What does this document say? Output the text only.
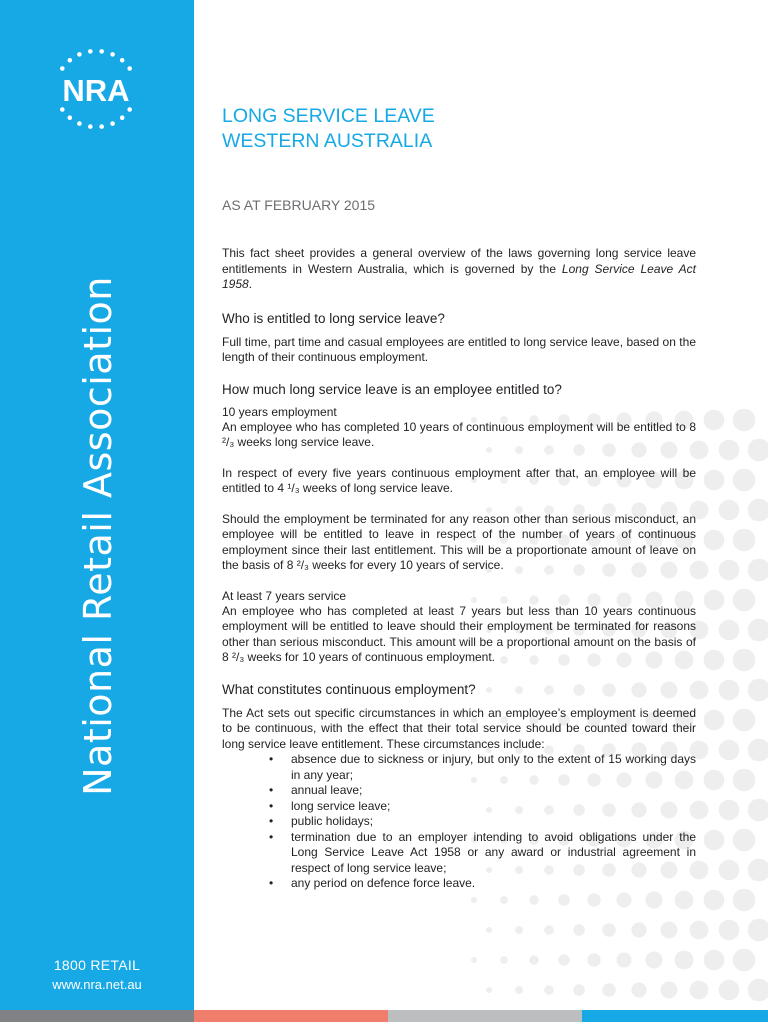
NRA
National Retail Association
1800 RETAIL
www.nra.net.au
LONG SERVICE LEAVE
WESTERN AUSTRALIA
AS AT FEBRUARY 2015

This fact sheet provides a general overview of the laws governing long service leave entitlements in Western Australia, which is governed by the Long Service Leave Act 1958.

Who is entitled to long service leave?

Full time, part time and casual employees are entitled to long service leave, based on the length of their continuous employment.

How much long service leave is an employee entitled to?
10 years employment

An employee who has completed 10 years of continuous employment will be entitled to 8 ²/₃ weeks long service leave.

In respect of every five years continuous employment after that, an employee will be entitled to 4 ¹/₃ weeks of long service leave.

Should the employment be terminated for any reason other than serious misconduct, an employee will be entitled to leave in respect of the number of years of continuous employment since their last entitlement. This will be a proportionate amount of leave on the basis of 8 ²/₃ weeks for every 10 years of service.

At least 7 years service

An employee who has completed at least 7 years but less than 10 years continuous employment will be entitled to leave should their employment be terminated for reasons other than serious misconduct. This amount will be a proportional amount on the basis of 8 ²/₃ weeks for 10 years of continuous employment.

What constitutes continuous employment?

The Act sets out specific circumstances in which an employee’s employment is deemed to be continuous, with the effect that their total service should be counted toward their long service leave entitlement. These circumstances include:

• absence due to sickness or injury, but only to the extent of 15 working days in any year;
• annual leave;
• long service leave;
• public holidays;
• termination due to an employer intending to avoid obligations under the Long Service Leave Act 1958 or any award or industrial agreement in respect of long service leave;
• any period on defence force leave.
